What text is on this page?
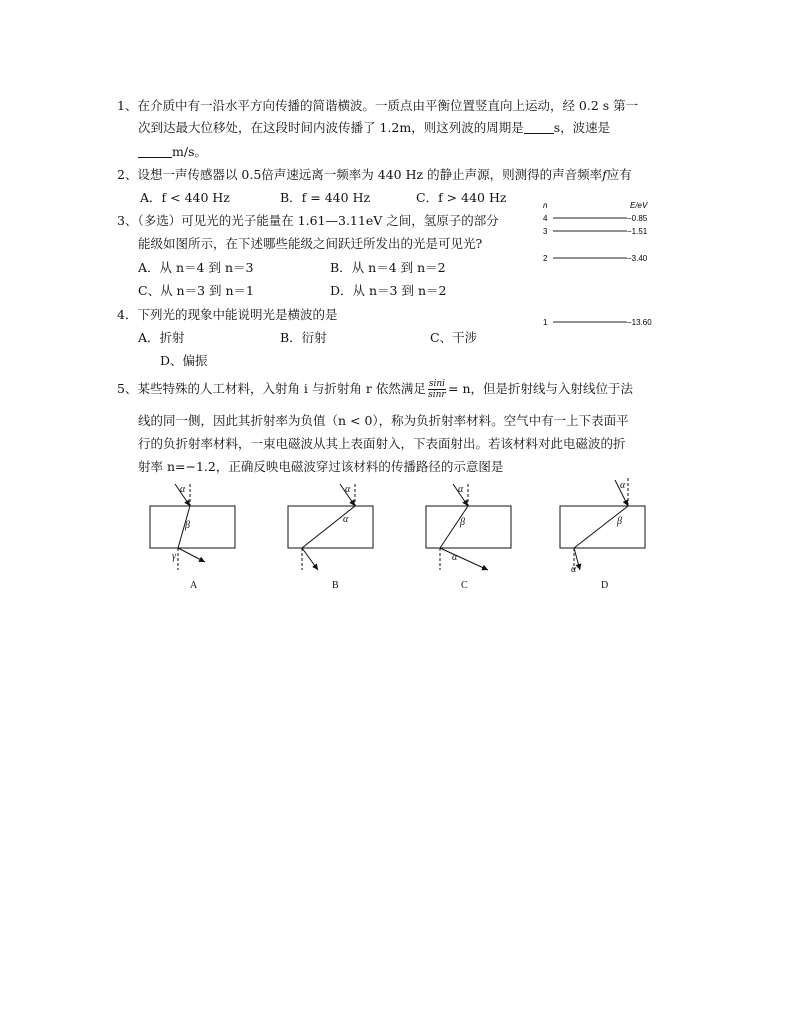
1、在介质中有一沿水平方向传播的简谐横波。一质点由平衡位置竖直向上运动，经 0.2 s 第一
次到达最大位移处，在这段时间内波传播了 1.2m，则这列波的周期是 s，波速是
m/s。
2、设想一声传感器以 0.5倍声速远离一频率为 440 Hz 的静止声源，则测得的声音频率f应有
A．f < 440 Hz	B．f = 440 Hz	C．f > 440 Hz
3、（多选）可见光的光子能量在 1.61—3.11eV 之间，氢原子的部分
能级如图所示，在下述哪些能级之间跃迁所发出的光是可见光?
A．从 n＝4 到 n＝3	B．从 n＝4 到 n＝2
C、从 n＝3 到 n＝1	D．从 n＝3 到 n＝2
n	E/eV
4	−0.85
3	−1.51
2	−3.40
1	−13.60
4．下列光的现象中能说明光是横波的是
A．折射	B．衍射	C、干涉
D、偏振
5、某些特殊的人工材料，入射角 i 与折射角 r 依然满足 $\frac{\sin i}{\sin r} = n$，但是折射线与入射线位于法
线的同一侧，因此其折射率为负值（n < 0），称为负折射率材料。空气中有一上下表面平
行的负折射率材料，一束电磁波从其上表面射入，下表面射出。若该材料对此电磁波的折
射率 n=−1.2，正确反映电磁波穿过该材料的传播路径的示意图是
α
β
γ
A
α
α
B
α
β
α
C
α
β
α
D
